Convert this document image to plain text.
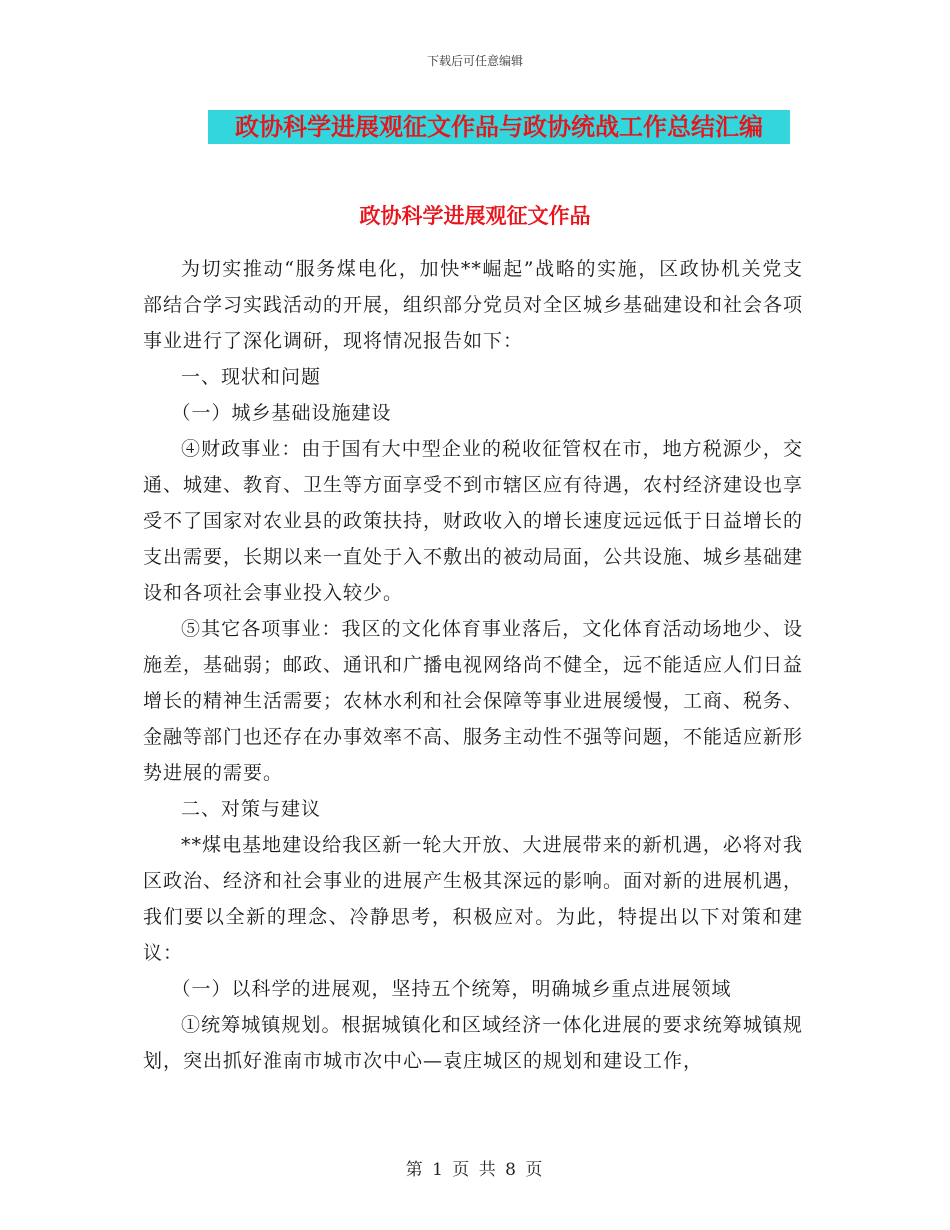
下载后可任意编辑
政协科学进展观征文作品与政协统战工作总结汇编
政协科学进展观征文作品

为切实推动“服务煤电化，加快**崛起”战略的实施，区政协机关党支部结合学习实践活动的开展，组织部分党员对全区城乡基础建设和社会各项事业进行了深化调研，现将情况报告如下：

一、现状和问题

（一）城乡基础设施建设

④财政事业：由于国有大中型企业的税收征管权在市，地方税源少，交通、城建、教育、卫生等方面享受不到市辖区应有待遇，农村经济建设也享受不了国家对农业县的政策扶持，财政收入的增长速度远远低于日益增长的支出需要，长期以来一直处于入不敷出的被动局面，公共设施、城乡基础建设和各项社会事业投入较少。

⑤其它各项事业：我区的文化体育事业落后，文化体育活动场地少、设施差，基础弱；邮政、通讯和广播电视网络尚不健全，远不能适应人们日益增长的精神生活需要；农林水利和社会保障等事业进展缓慢，工商、税务、金融等部门也还存在办事效率不高、服务主动性不强等问题，不能适应新形势进展的需要。

二、对策与建议

**煤电基地建设给我区新一轮大开放、大进展带来的新机遇，必将对我区政治、经济和社会事业的进展产生极其深远的影响。面对新的进展机遇，我们要以全新的理念、冷静思考，积极应对。为此，特提出以下对策和建议：

（一）以科学的进展观，坚持五个统筹，明确城乡重点进展领域

①统筹城镇规划。根据城镇化和区域经济一体化进展的要求统筹城镇规划，突出抓好淮南市城市次中心—袁庄城区的规划和建设工作，

第 1 页 共 8 页
